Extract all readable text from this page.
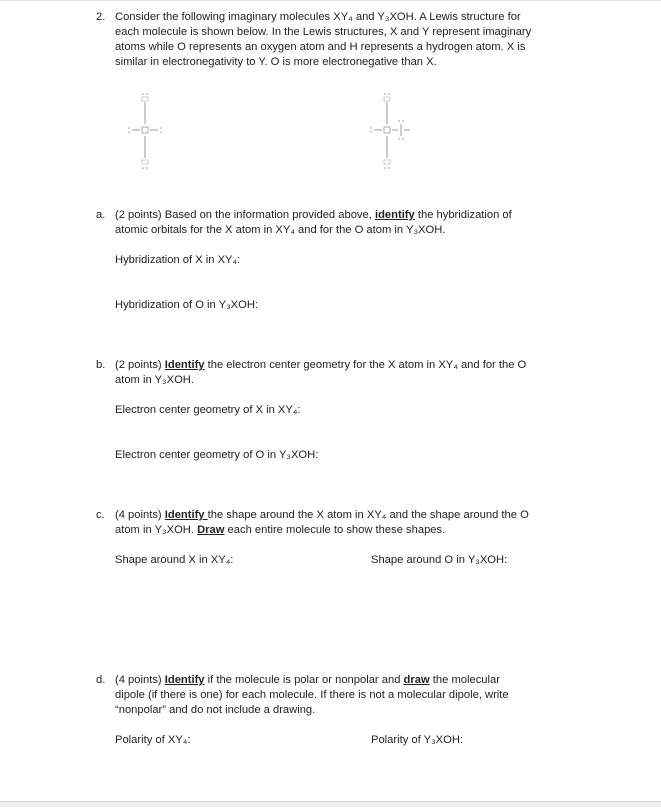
2. Consider the following imaginary molecules XY₄ and Y₃XOH. A Lewis structure for
each molecule is shown below. In the Lewis structures, X and Y represent imaginary
atoms while O represents an oxygen atom and H represents a hydrogen atom. X is
similar in electronegativity to Y. O is more electronegative than X.
a. (2 points) Based on the information provided above, identify the hybridization of
atomic orbitals for the X atom in XY₄ and for the O atom in Y₃XOH.
Hybridization of X in XY₄:
Hybridization of O in Y₃XOH:
b. (2 points) Identify the electron center geometry for the X atom in XY₄ and for the O
atom in Y₃XOH.
Electron center geometry of X in XY₄:
Electron center geometry of O in Y₃XOH:
c. (4 points) Identify the shape around the X atom in XY₄ and the shape around the O
atom in Y₃XOH. Draw each entire molecule to show these shapes.
Shape around X in XY₄:	Shape around O in Y₃XOH:
d. (4 points) Identify if the molecule is polar or nonpolar and draw the molecular
dipole (if there is one) for each molecule. If there is not a molecular dipole, write
“nonpolar” and do not include a drawing.
Polarity of XY₄:	Polarity of Y₃XOH:
